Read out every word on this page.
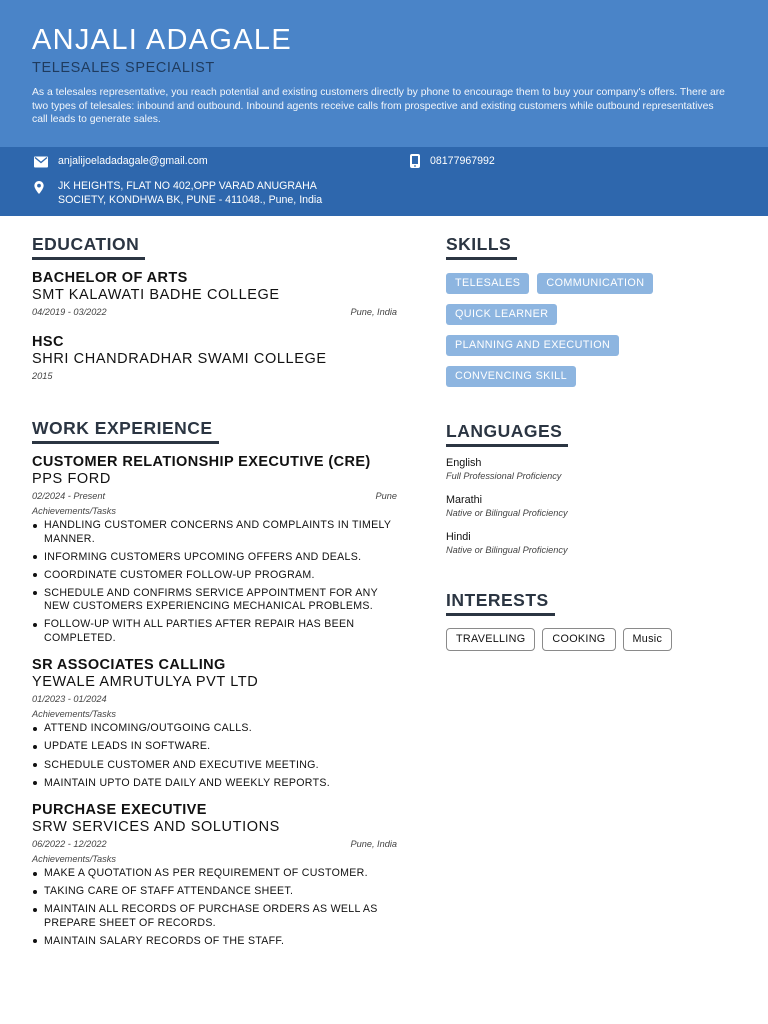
ANJALI ADAGALE
TELESALES SPECIALIST
As a telesales representative, you reach potential and existing customers directly by phone to encourage them to buy your company's offers. There are two types of telesales: inbound and outbound. Inbound agents receive calls from prospective and existing customers while outbound representatives call leads to generate sales.
anjalijoeladadagale@gmail.com	08177967992
JK HEIGHTS, FLAT NO 402,OPP VARAD ANUGRAHA
SOCIETY, KONDHWA BK, PUNE - 411048., Pune, India
EDUCATION
BACHELOR OF ARTS
SMT KALAWATI BADHE COLLEGE
04/2019 - 03/2022	Pune, India
HSC
SHRI CHANDRADHAR SWAMI COLLEGE
2015
WORK EXPERIENCE
CUSTOMER RELATIONSHIP EXECUTIVE (CRE)
PPS FORD
02/2024 - Present	Pune
Achievements/Tasks
HANDLING CUSTOMER CONCERNS AND COMPLAINTS IN TIMELY MANNER.
INFORMING CUSTOMERS UPCOMING OFFERS AND DEALS.
COORDINATE CUSTOMER FOLLOW-UP PROGRAM.
SCHEDULE AND CONFIRMS SERVICE APPOINTMENT FOR ANY NEW CUSTOMERS EXPERIENCING MECHANICAL PROBLEMS.
FOLLOW-UP WITH ALL PARTIES AFTER REPAIR HAS BEEN COMPLETED.
SR ASSOCIATES CALLING
YEWALE AMRUTULYA PVT LTD
01/2023 - 01/2024
Achievements/Tasks
ATTEND INCOMING/OUTGOING CALLS.
UPDATE LEADS IN SOFTWARE.
SCHEDULE CUSTOMER AND EXECUTIVE MEETING.
MAINTAIN UPTO DATE DAILY AND WEEKLY REPORTS.
PURCHASE EXECUTIVE
SRW SERVICES AND SOLUTIONS
06/2022 - 12/2022	Pune, India
Achievements/Tasks
MAKE A QUOTATION AS PER REQUIREMENT OF CUSTOMER.
TAKING CARE OF STAFF ATTENDANCE SHEET.
MAINTAIN ALL RECORDS OF PURCHASE ORDERS AS WELL AS PREPARE SHEET OF RECORDS.
MAINTAIN SALARY RECORDS OF THE STAFF.
SKILLS
TELESALES	COMMUNICATION
QUICK LEARNER
PLANNING AND EXECUTION
CONVENCING SKILL
LANGUAGES
English
Full Professional Proficiency
Marathi
Native or Bilingual Proficiency
Hindi
Native or Bilingual Proficiency
INTERESTS
TRAVELLING	COOKING	Music
